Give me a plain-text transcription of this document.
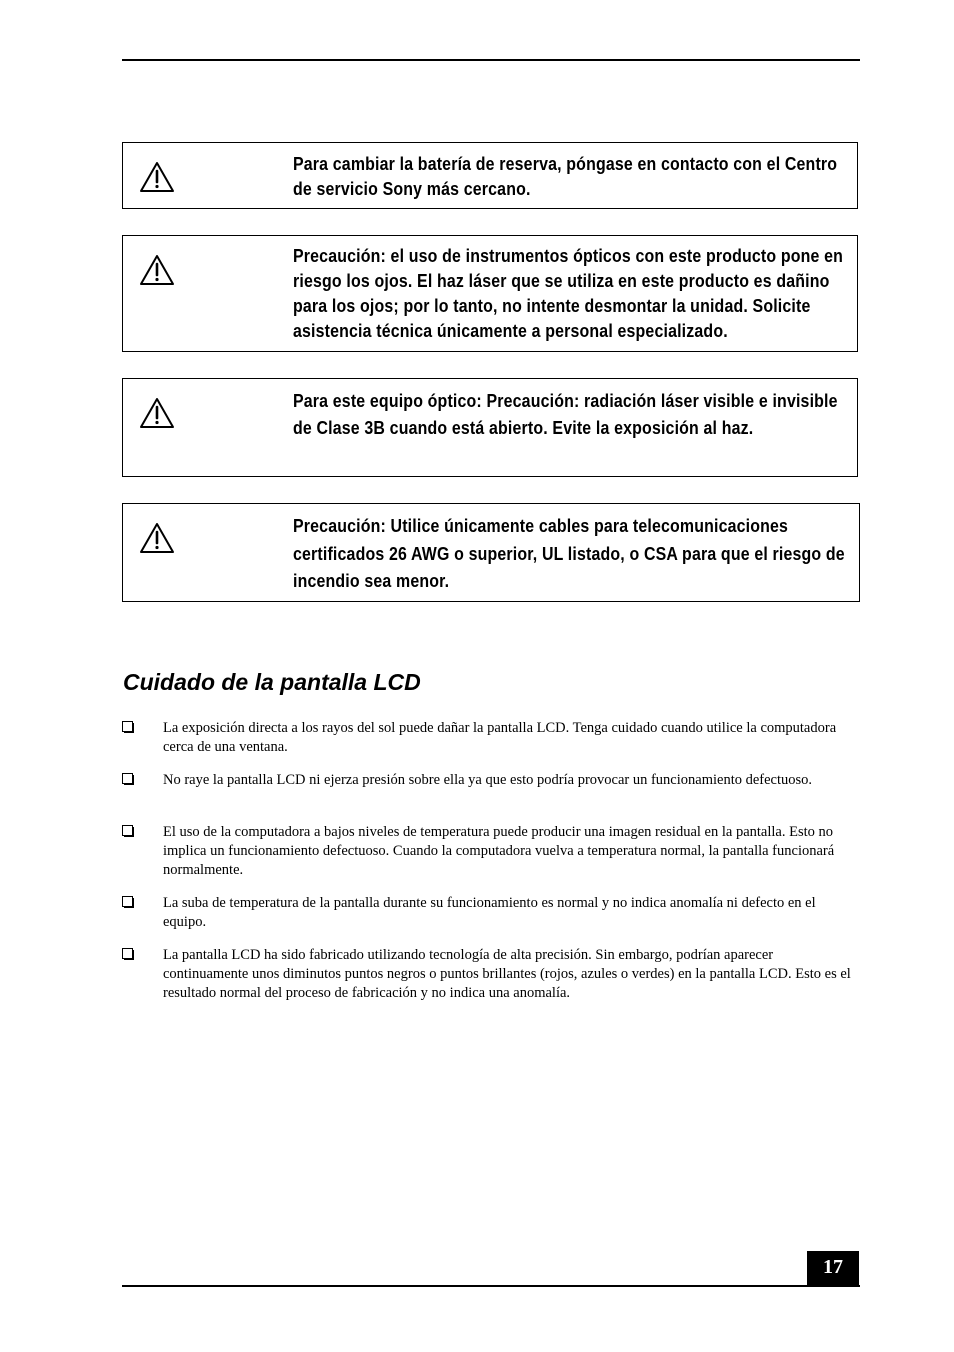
Para cambiar la batería de reserva, póngase en contacto con el Centro de servicio Sony más cercano.
Precaución: el uso de instrumentos ópticos con este producto pone en riesgo los ojos. El haz láser que se utiliza en este producto es dañino para los ojos; por lo tanto, no intente desmontar la unidad. Solicite asistencia técnica únicamente a personal especializado.
Para este equipo óptico: Precaución: radiación láser visible e invisible de Clase 3B cuando está abierto. Evite la exposición al haz.
Precaución: Utilice únicamente cables para telecomunicaciones certificados 26 AWG o superior, UL listado, o CSA para que el riesgo de incendio sea menor.
Cuidado de la pantalla LCD
La exposición directa a los rayos del sol puede dañar la pantalla LCD. Tenga cuidado cuando utilice la computadora cerca de una ventana.
No raye la pantalla LCD ni ejerza presión sobre ella ya que esto podría provocar un funcionamiento defectuoso.
El uso de la computadora a bajos niveles de temperatura puede producir una imagen residual en la pantalla. Esto no implica un funcionamiento defectuoso. Cuando la computadora vuelva a temperatura normal, la pantalla funcionará normalmente.
La suba de temperatura de la pantalla durante su funcionamiento es normal y no indica anomalía ni defecto en el equipo.
La pantalla LCD ha sido fabricado utilizando tecnología de alta precisión. Sin embargo, podrían aparecer continuamente unos diminutos puntos negros o puntos brillantes (rojos, azules o verdes) en la pantalla LCD. Esto es el resultado normal del proceso de fabricación y no indica una anomalía.
17
